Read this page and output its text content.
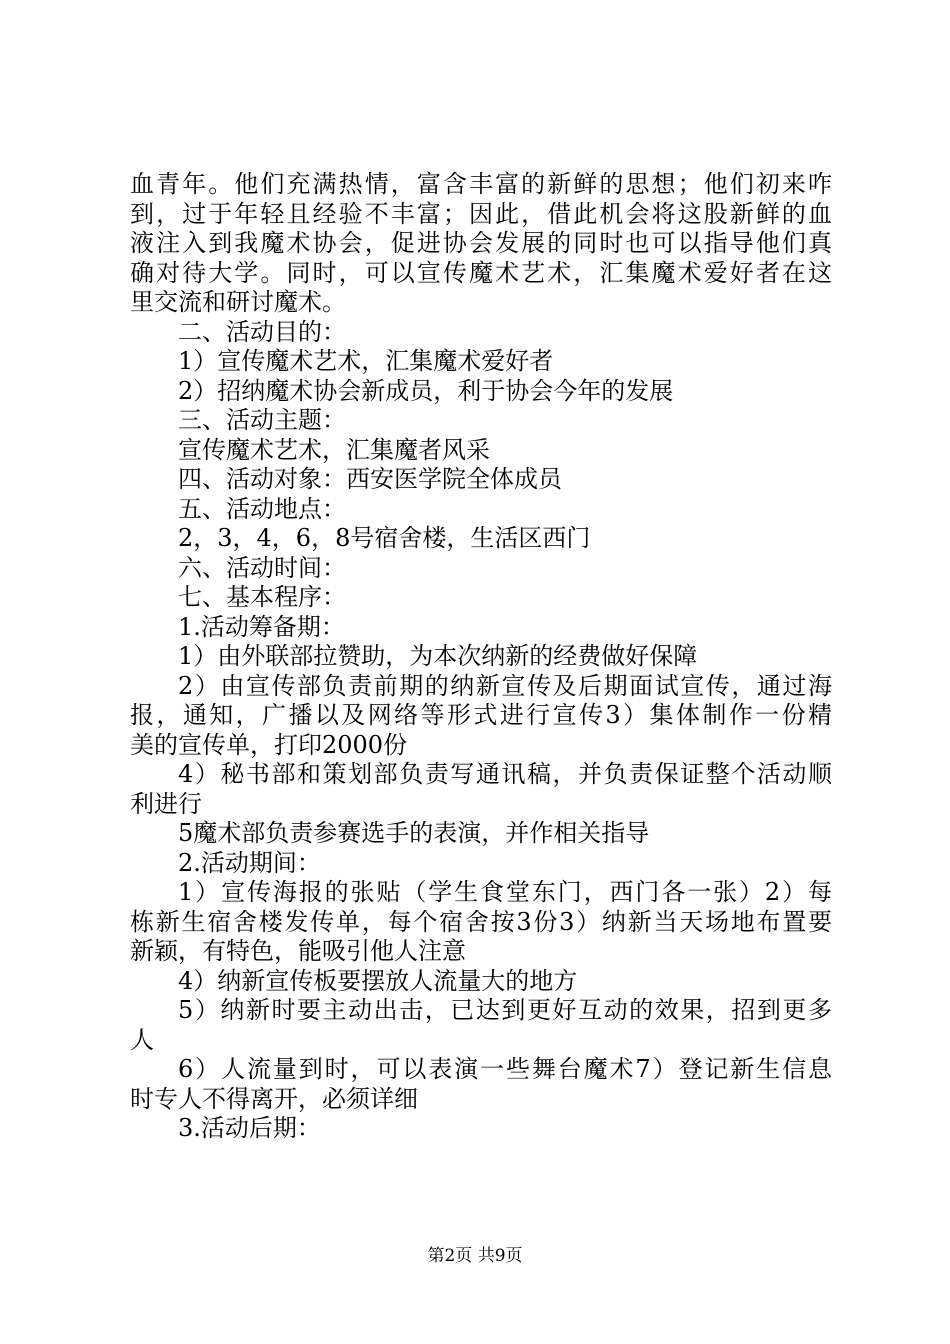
血青年。他们充满热情，富含丰富的新鲜的思想；他们初来咋
到，过于年轻且经验不丰富；因此，借此机会将这股新鲜的血
液注入到我魔术协会，促进协会发展的同时也可以指导他们真
确对待大学。同时，可以宣传魔术艺术，汇集魔术爱好者在这
里交流和研讨魔术。
二、活动目的：
1）宣传魔术艺术，汇集魔术爱好者
2）招纳魔术协会新成员，利于协会今年的发展
三、活动主题：
宣传魔术艺术，汇集魔者风采
四、活动对象：西安医学院全体成员
五、活动地点：
2，3，4，6，8号宿舍楼，生活区西门
六、活动时间：
七、基本程序：
1.活动筹备期：
1）由外联部拉赞助，为本次纳新的经费做好保障
2）由宣传部负责前期的纳新宣传及后期面试宣传，通过海
报，通知，广播以及网络等形式进行宣传3）集体制作一份精
美的宣传单，打印2000份
4）秘书部和策划部负责写通讯稿，并负责保证整个活动顺
利进行
5魔术部负责参赛选手的表演，并作相关指导
2.活动期间：
1）宣传海报的张贴（学生食堂东门，西门各一张）2）每
栋新生宿舍楼发传单，每个宿舍按3份3）纳新当天场地布置要
新颖，有特色，能吸引他人注意
4）纳新宣传板要摆放人流量大的地方
5）纳新时要主动出击，已达到更好互动的效果，招到更多
人
6）人流量到时，可以表演一些舞台魔术7）登记新生信息
时专人不得离开，必须详细
3.活动后期：
第2页 共9页
